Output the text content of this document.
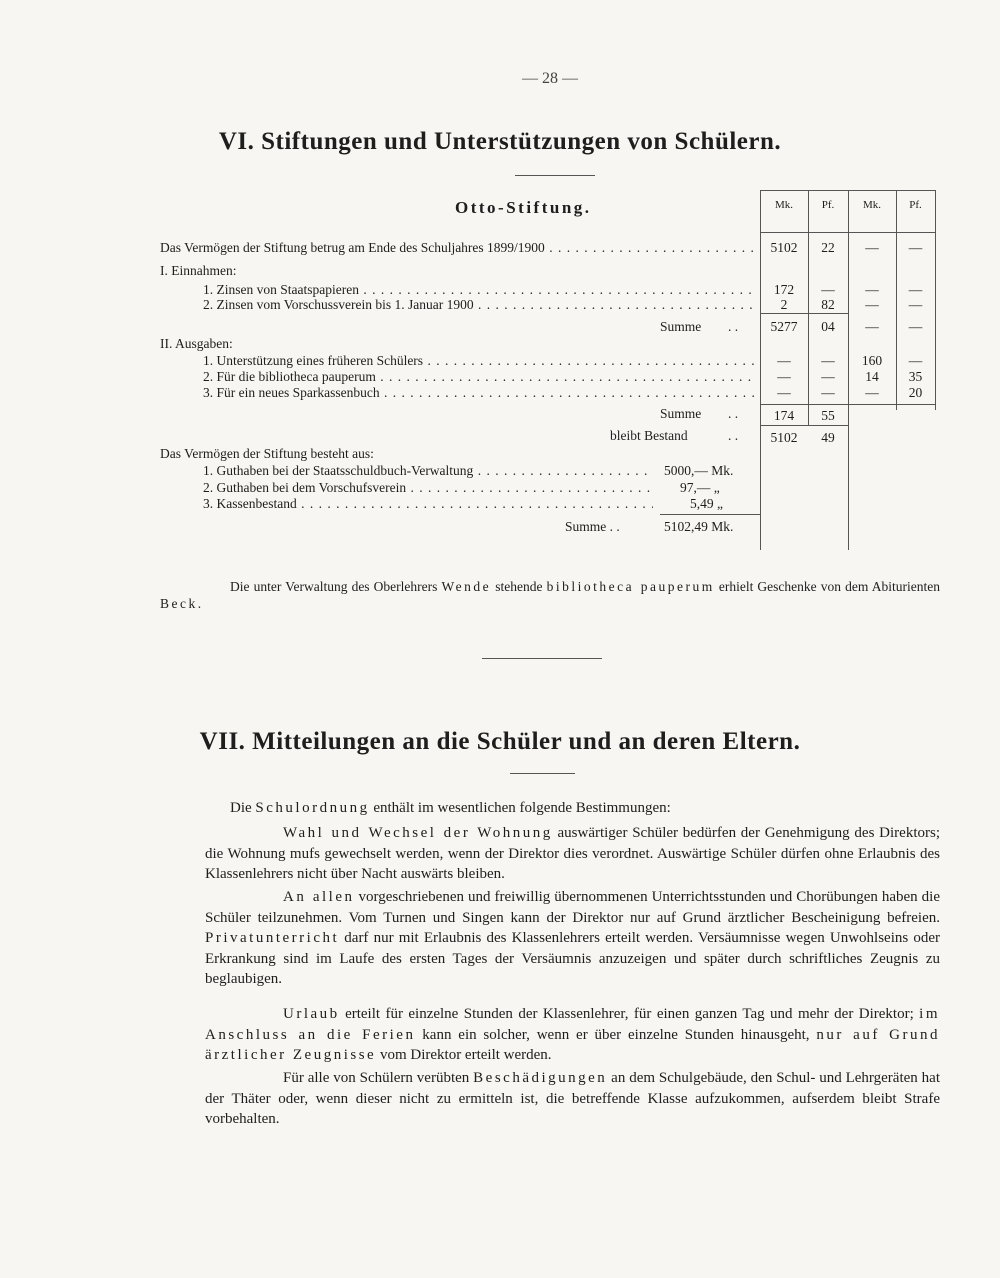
— 28 —
VI. Stiftungen und Unterstützungen von Schülern.
Otto-Stiftung.	Mk.	Pf.	Mk.	Pf.
Das Vermögen der Stiftung betrug am Ende des Schuljahres 1899/1900 . . .	5102	22	—	—
I. Einnahmen:
1. Zinsen von Staatspapieren . . .	172	—	—	—
2. Zinsen vom Vorschussverein bis 1. Januar 1900 . . .	2	82	—	—
Summe . .	5277	04	—	—
II. Ausgaben:
1. Unterstützung eines früheren Schülers . . .	—	—	160	—
2. Für die bibliotheca pauperum . . .	—	—	14	35
3. Für ein neues Sparkassenbuch . . .	—	—	—	20
Summe . .	174	55
bleibt Bestand	. .	5102	49
Das Vermögen der Stiftung besteht aus:
1. Guthaben bei der Staatsschuldbuch-Verwaltung . . .	5000,— Mk.
2. Guthaben bei dem Vorschufsverein . . .	97,— „
3. Kassenbestand . . .	5,49 „
Summe . .	5102,49 Mk.
Die unter Verwaltung des Oberlehrers Wende stehende bibliotheca pauperum erhielt Geschenke von dem Abiturienten Beck.
VII. Mitteilungen an die Schüler und an deren Eltern.
Die Schulordnung enthält im wesentlichen folgende Bestimmungen:

Wahl und Wechsel der Wohnung auswärtiger Schüler bedürfen der Genehmigung des Direktors; die Wohnung mufs gewechselt werden, wenn der Direktor dies verordnet. Auswärtige Schüler dürfen ohne Erlaubnis des Klassenlehrers nicht über Nacht auswärts bleiben.

An allen vorgeschriebenen und freiwillig übernommenen Unterrichtsstunden und Chorübungen haben die Schüler teilzunehmen. Vom Turnen und Singen kann der Direktor nur auf Grund ärztlicher Bescheinigung befreien. Privatunterricht darf nur mit Erlaubnis des Klassenlehrers erteilt werden. Versäumnisse wegen Unwohlseins oder Erkrankung sind im Laufe des ersten Tages der Versäumnis anzuzeigen und später durch schriftliches Zeugnis zu beglaubigen.

Urlaub erteilt für einzelne Stunden der Klassenlehrer, für einen ganzen Tag und mehr der Direktor; im Anschluss an die Ferien kann ein solcher, wenn er über einzelne Stunden hinausgeht, nur auf Grund ärztlicher Zeugnisse vom Direktor erteilt werden.

Für alle von Schülern verübten Beschädigungen an dem Schulgebäude, den Schul- und Lehrgeräten hat der Thäter oder, wenn dieser nicht zu ermitteln ist, die betreffende Klasse aufzukommen, aufserdem bleibt Strafe vorbehalten.
